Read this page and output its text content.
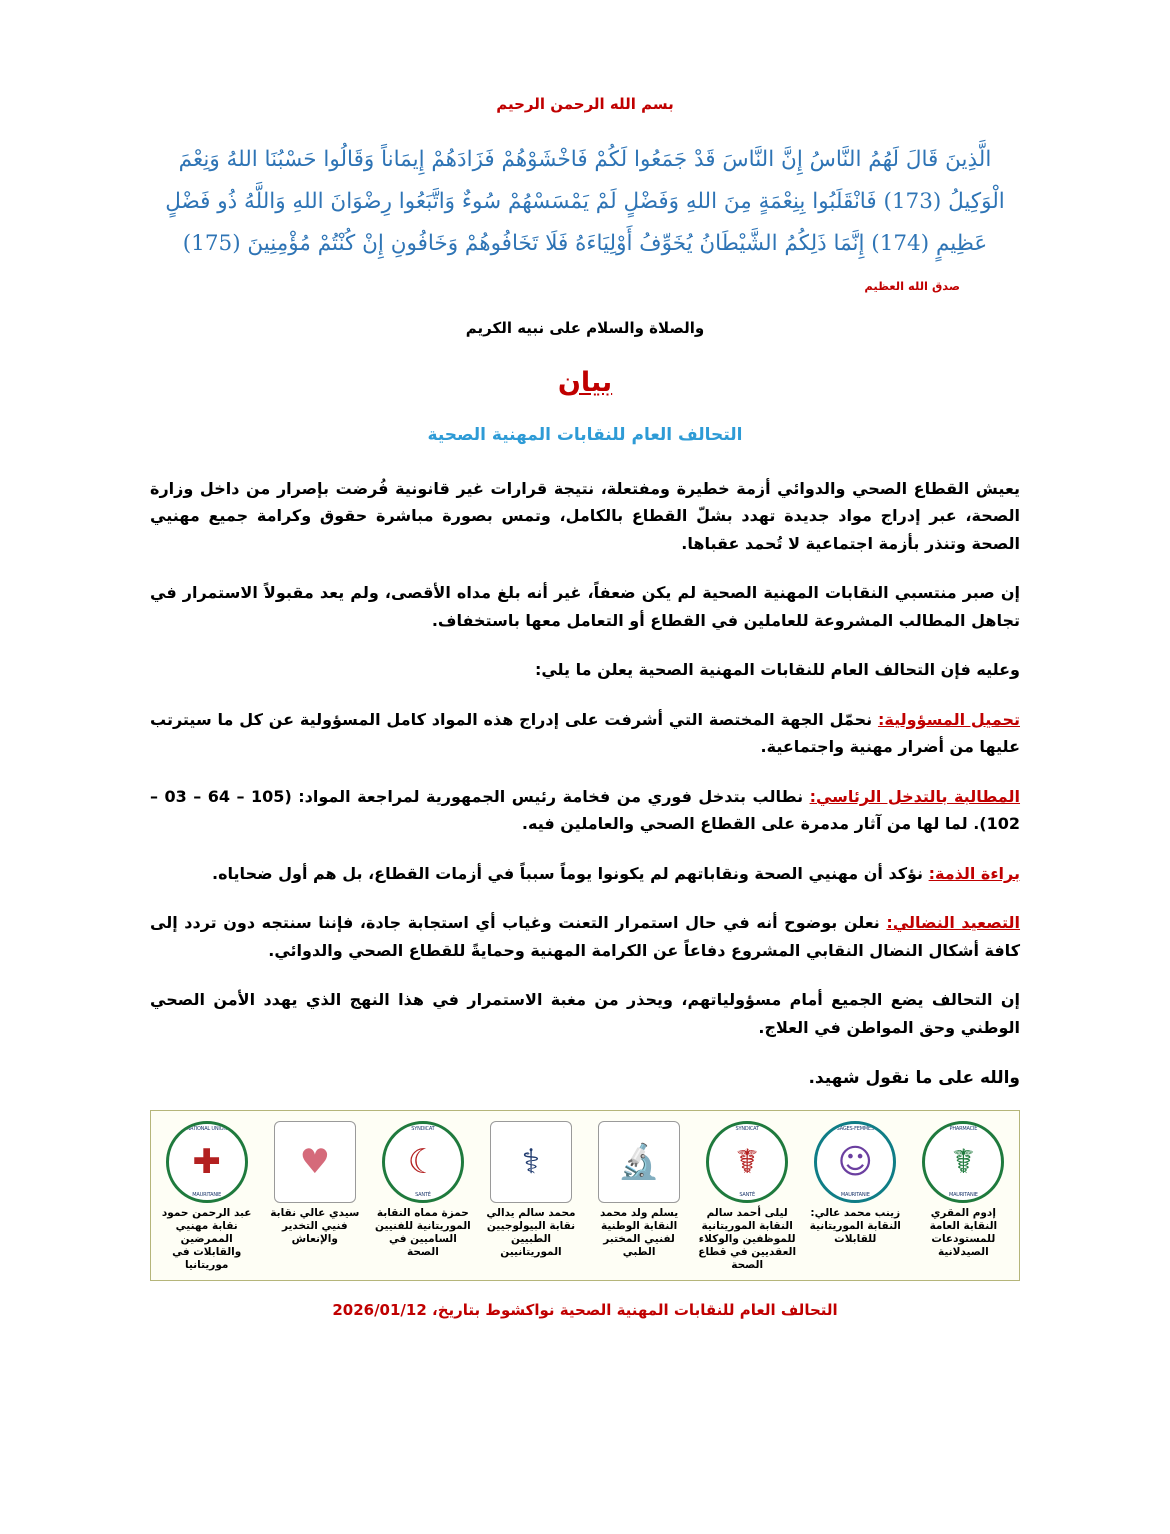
بسم الله الرحمن الرحيم
الَّذِينَ قَالَ لَهُمُ النَّاسُ إِنَّ النَّاسَ قَدْ جَمَعُوا لَكُمْ فَاخْشَوْهُمْ فَزَادَهُمْ إِيمَاناً وَقَالُوا حَسْبُنَا اللهُ وَنِعْمَ الْوَكِيلُ (173) فَانْقَلَبُوا بِنِعْمَةٍ مِنَ اللهِ وَفَضْلٍ لَمْ يَمْسَسْهُمْ سُوءٌ وَاتَّبَعُوا رِضْوَانَ اللهِ وَاللَّهُ ذُو فَضْلٍ عَظِيمٍ (174) إِنَّمَا ذَلِكُمُ الشَّيْطَانُ يُخَوِّفُ أَوْلِيَاءَهُ فَلَا تَخَافُوهُمْ وَخَافُونِ إِنْ كُنْتُمْ مُؤْمِنِينَ (175)
صدق الله العظيم
والصلاة والسلام على نبيه الكريم
بيان
التحالف العام للنقابات المهنية الصحية

يعيش القطاع الصحي والدوائي أزمة خطيرة ومفتعلة، نتيجة قرارات غير قانونية فُرضت بإصرار من داخل وزارة الصحة، عبر إدراج مواد جديدة تهدد بشلّ القطاع بالكامل، وتمس بصورة مباشرة حقوق وكرامة جميع مهنيي الصحة وتنذر بأزمة اجتماعية لا تُحمد عقباها.

إن صبر منتسبي النقابات المهنية الصحية لم يكن ضعفاً، غير أنه بلغ مداه الأقصى، ولم يعد مقبولاً الاستمرار في تجاهل المطالب المشروعة للعاملين في القطاع أو التعامل معها باستخفاف.

وعليه فإن التحالف العام للنقابات المهنية الصحية يعلن ما يلي:

تحميل المسؤولية: نحمّل الجهة المختصة التي أشرفت على إدراج هذه المواد كامل المسؤولية عن كل ما سيترتب عليها من أضرار مهنية واجتماعية.

المطالبة بالتدخل الرئاسي: نطالب بتدخل فوري من فخامة رئيس الجمهورية لمراجعة المواد: (105 – 64 – 03 – 102). لما لها من آثار مدمرة على القطاع الصحي والعاملين فيه.

براءة الذمة: نؤكد أن مهنيي الصحة ونقاباتهم لم يكونوا يوماً سبباً في أزمات القطاع، بل هم أول ضحاياه.

التصعيد النضالي: نعلن بوضوح أنه في حال استمرار التعنت وغياب أي استجابة جادة، فإننا سنتجه دون تردد إلى كافة أشكال النضال النقابي المشروع دفاعاً عن الكرامة المهنية وحمايةً للقطاع الصحي والدوائي.

إن التحالف يضع الجميع أمام مسؤولياتهم، ويحذر من مغبة الاستمرار في هذا النهج الذي يهدد الأمن الصحي الوطني وحق المواطن في العلاج.

والله على ما نقول شهيد.
NATIONAL UNION
✚
MAURITANIE
عبد الرحمن حمود نقابة مهنيي الممرضين والقابلات في موريتانيا
♥
سيدي عالي نقابة فنيي التخدير والإنعاش
SYNDICAT
☾
SANTÉ
حمزة مماه النقابة الموريتانية للفنيين الساميين في الصحة
⚕
محمد سالم يدالي نقابة البيولوجيين الطبيين الموريتانيين
🔬
يسلم ولد محمد النقابة الوطنية لفنيي المختبر الطبي
SYNDICAT
☤
SANTÉ
ليلى أحمد سالم النقابة الموريتانية للموظفين والوكلاء العقديين في قطاع الصحة
SAGES-FEMMES
☺
MAURITANIE
زينب محمد عالي: النقابة الموريتانية للقابلات
PHARMACIE
☤
MAURITANIE
إدوم المقري النقابة العامة للمستودعات الصيدلانية
التحالف العام للنقابات المهنية الصحية نواكشوط بتاريخ، 2026/01/12
